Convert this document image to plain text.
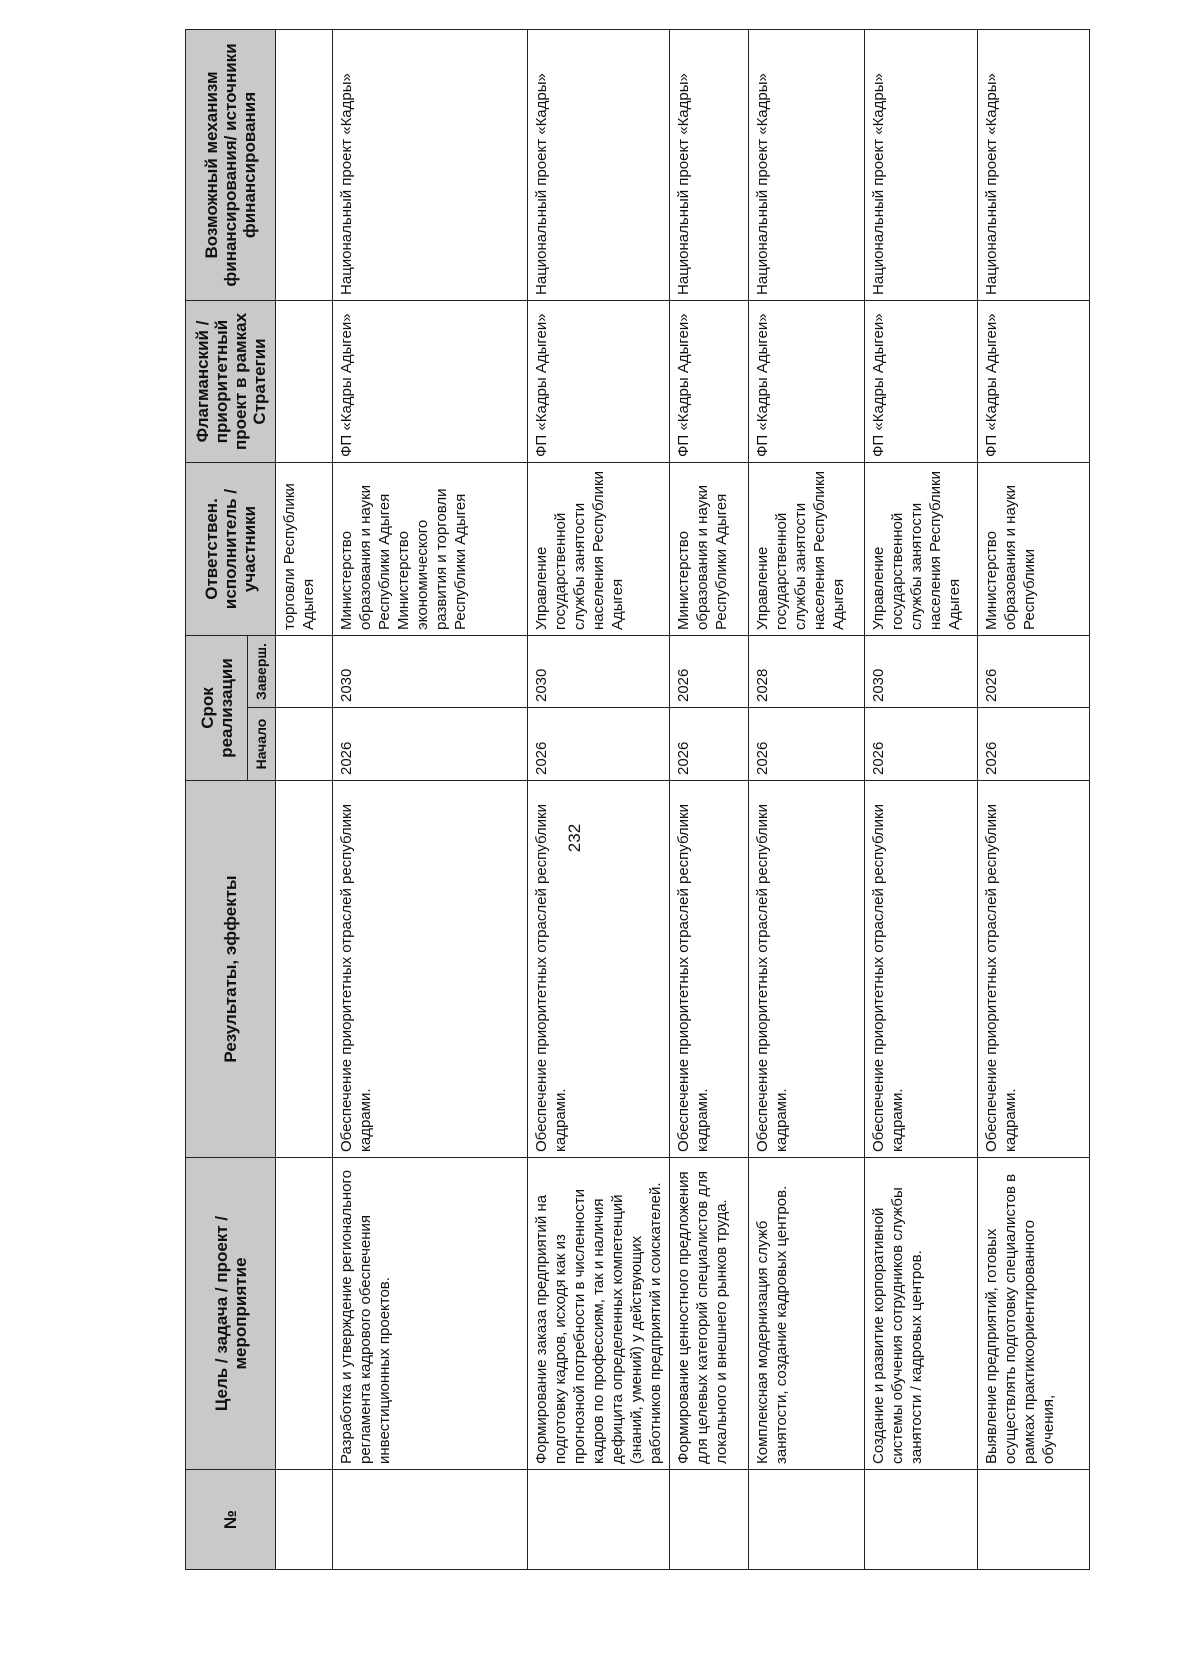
№	Цель / задача / проект / мероприятие	Результаты, эффекты	Срок реализации		Ответствен. исполнитель / участники	Флагманский / приоритетный проект в рамках Стратегии	Возможный механизм финансирования/ источники финансирования
			Начало	Заверш.			
					торговли Республики Адыгея		
	Разработка и утверждение регионального регламента кадрового обеспечения инвестиционных проектов.	Обеспечение приоритетных отраслей республики кадрами.	2026	2030	Министерство образования и науки Республики Адыгея Министерство экономического развития и торговли Республики Адыгея	ФП «Кадры Адыгеи»	Национальный проект «Кадры»
	Формирование заказа предприятий на подготовку кадров, исходя как из прогнозной потребности в численности кадров по профессиям, так и наличия дефицита определенных компетенций (знаний, умений) у действующих работников предприятий и соискателей.	Обеспечение приоритетных отраслей республики кадрами.	2026	2030	Управление государственной службы занятости населения Республики Адыгея	ФП «Кадры Адыгеи»	Национальный проект «Кадры»
	Формирование ценностного предложения для целевых категорий специалистов для локального и внешнего рынков труда.	Обеспечение приоритетных отраслей республики кадрами.	2026	2026	Министерство образования и науки Республики Адыгея	ФП «Кадры Адыгеи»	Национальный проект «Кадры»
	Комплексная модернизация служб занятости, создание кадровых центров.	Обеспечение приоритетных отраслей республики кадрами.	2026	2028	Управление государственной службы занятости населения Республики Адыгея	ФП «Кадры Адыгеи»	Национальный проект «Кадры»
	Создание и развитие корпоративной системы обучения сотрудников службы занятости / кадровых центров.	Обеспечение приоритетных отраслей республики кадрами.	2026	2030	Управление государственной службы занятости населения Республики Адыгея	ФП «Кадры Адыгеи»	Национальный проект «Кадры»
	Выявление предприятий, готовых осуществлять подготовку специалистов в рамках практикоориентированного обучения,	Обеспечение приоритетных отраслей республики кадрами.	2026	2026	Министерство образования и науки Республики	ФП «Кадры Адыгеи»	Национальный проект «Кадры»
232
